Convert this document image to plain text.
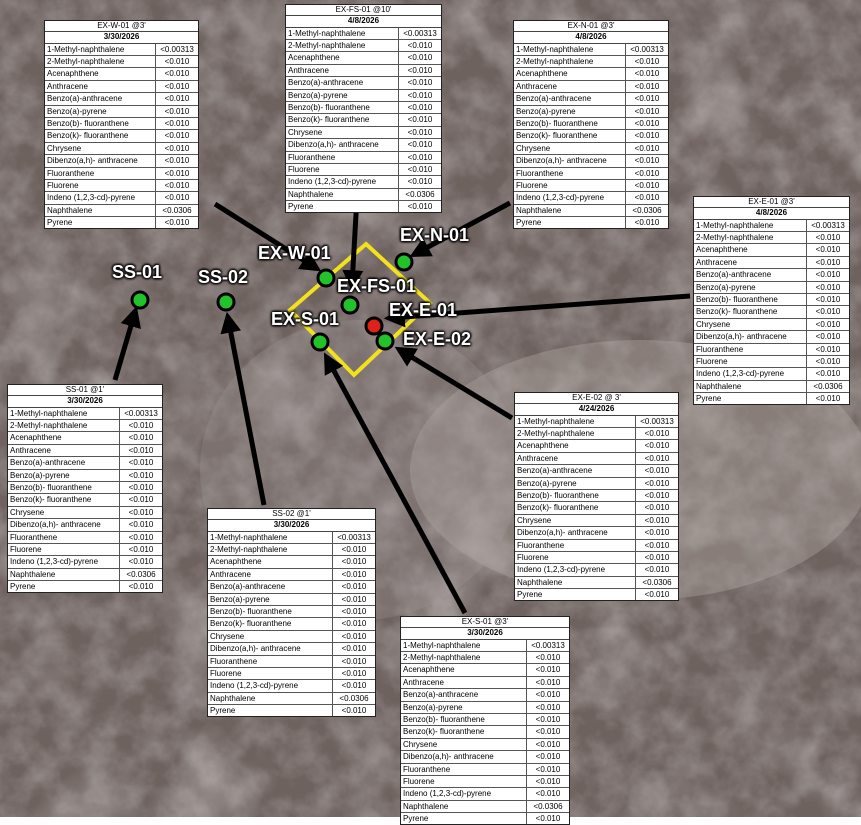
SS-01 SS-02
EX-W-01
EX-FS-01
EX-N-01
EX-S-01	EX-E-01
EX-E-02
EX-W-01 @3'
3/30/2026
1-Methyl-naphthalene	<0.00313
2-Methyl-naphthalene	<0.010
Acenaphthene	<0.010
Anthracene	<0.010
Benzo(a)-anthracene	<0.010
Benzo(a)-pyrene	<0.010
Benzo(b)- fluoranthene	<0.010
Benzo(k)- fluoranthene	<0.010
Chrysene	<0.010
Dibenzo(a,h)- anthracene	<0.010
Fluoranthene	<0.010
Fluorene	<0.010
Indeno (1,2,3-cd)-pyrene	<0.010
Naphthalene	<0.0306
Pyrene	<0.010
EX-FS-01 @10'
4/8/2026
1-Methyl-naphthalene	<0.00313
2-Methyl-naphthalene	<0.010
Acenaphthene	<0.010
Anthracene	<0.010
Benzo(a)-anthracene	<0.010
Benzo(a)-pyrene	<0.010
Benzo(b)- fluoranthene	<0.010
Benzo(k)- fluoranthene	<0.010
Chrysene	<0.010
Dibenzo(a,h)- anthracene	<0.010
Fluoranthene	<0.010
Fluorene	<0.010
Indeno (1,2,3-cd)-pyrene	<0.010
Naphthalene	<0.0306
Pyrene	<0.010
EX-N-01 @3'
4/8/2026
1-Methyl-naphthalene	<0.00313
2-Methyl-naphthalene	<0.010
Acenaphthene	<0.010
Anthracene	<0.010
Benzo(a)-anthracene	<0.010
Benzo(a)-pyrene	<0.010
Benzo(b)- fluoranthene	<0.010
Benzo(k)- fluoranthene	<0.010
Chrysene	<0.010
Dibenzo(a,h)- anthracene	<0.010
Fluoranthene	<0.010
Fluorene	<0.010
Indeno (1,2,3-cd)-pyrene	<0.010
Naphthalene	<0.0306
Pyrene	<0.010
EX-E-01 @3'
4/8/2026
1-Methyl-naphthalene	<0.00313
2-Methyl-naphthalene	<0.010
Acenaphthene	<0.010
Anthracene	<0.010
Benzo(a)-anthracene	<0.010
Benzo(a)-pyrene	<0.010
Benzo(b)- fluoranthene	<0.010
Benzo(k)- fluoranthene	<0.010
Chrysene	<0.010
Dibenzo(a,h)- anthracene	<0.010
Fluoranthene	<0.010
Fluorene	<0.010
Indeno (1,2,3-cd)-pyrene	<0.010
Naphthalene	<0.0306
Pyrene	<0.010
SS-01 @1'
3/30/2026
1-Methyl-naphthalene	<0.00313
2-Methyl-naphthalene	<0.010
Acenaphthene	<0.010
Anthracene	<0.010
Benzo(a)-anthracene	<0.010
Benzo(a)-pyrene	<0.010
Benzo(b)- fluoranthene	<0.010
Benzo(k)- fluoranthene	<0.010
Chrysene	<0.010
Dibenzo(a,h)- anthracene	<0.010
Fluoranthene	<0.010
Fluorene	<0.010
Indeno (1,2,3-cd)-pyrene	<0.010
Naphthalene	<0.0306
Pyrene	<0.010
EX-E-02 @ 3'
4/24/2026
1-Methyl-naphthalene	<0.00313
2-Methyl-naphthalene	<0.010
Acenaphthene	<0.010
Anthracene	<0.010
Benzo(a)-anthracene	<0.010
Benzo(a)-pyrene	<0.010
Benzo(b)- fluoranthene	<0.010
Benzo(k)- fluoranthene	<0.010
Chrysene	<0.010
Dibenzo(a,h)- anthracene	<0.010
Fluoranthene	<0.010
Fluorene	<0.010
Indeno (1,2,3-cd)-pyrene	<0.010
Naphthalene	<0.0306
Pyrene	<0.010
SS-02 @1'
3/30/2026
1-Methyl-naphthalene	<0.00313
2-Methyl-naphthalene	<0.010
Acenaphthene	<0.010
Anthracene	<0.010
Benzo(a)-anthracene	<0.010
Benzo(a)-pyrene	<0.010
Benzo(b)- fluoranthene	<0.010
Benzo(k)- fluoranthene	<0.010
Chrysene	<0.010
Dibenzo(a,h)- anthracene	<0.010
Fluoranthene	<0.010
Fluorene	<0.010
Indeno (1,2,3-cd)-pyrene	<0.010
Naphthalene	<0.0306
Pyrene	<0.010
EX-S-01 @3'
3/30/2026
1-Methyl-naphthalene	<0.00313
2-Methyl-naphthalene	<0.010
Acenaphthene	<0.010
Anthracene	<0.010
Benzo(a)-anthracene	<0.010
Benzo(a)-pyrene	<0.010
Benzo(b)- fluoranthene	<0.010
Benzo(k)- fluoranthene	<0.010
Chrysene	<0.010
Dibenzo(a,h)- anthracene	<0.010
Fluoranthene	<0.010
Fluorene	<0.010
Indeno (1,2,3-cd)-pyrene	<0.010
Naphthalene	<0.0306
Pyrene	<0.010
